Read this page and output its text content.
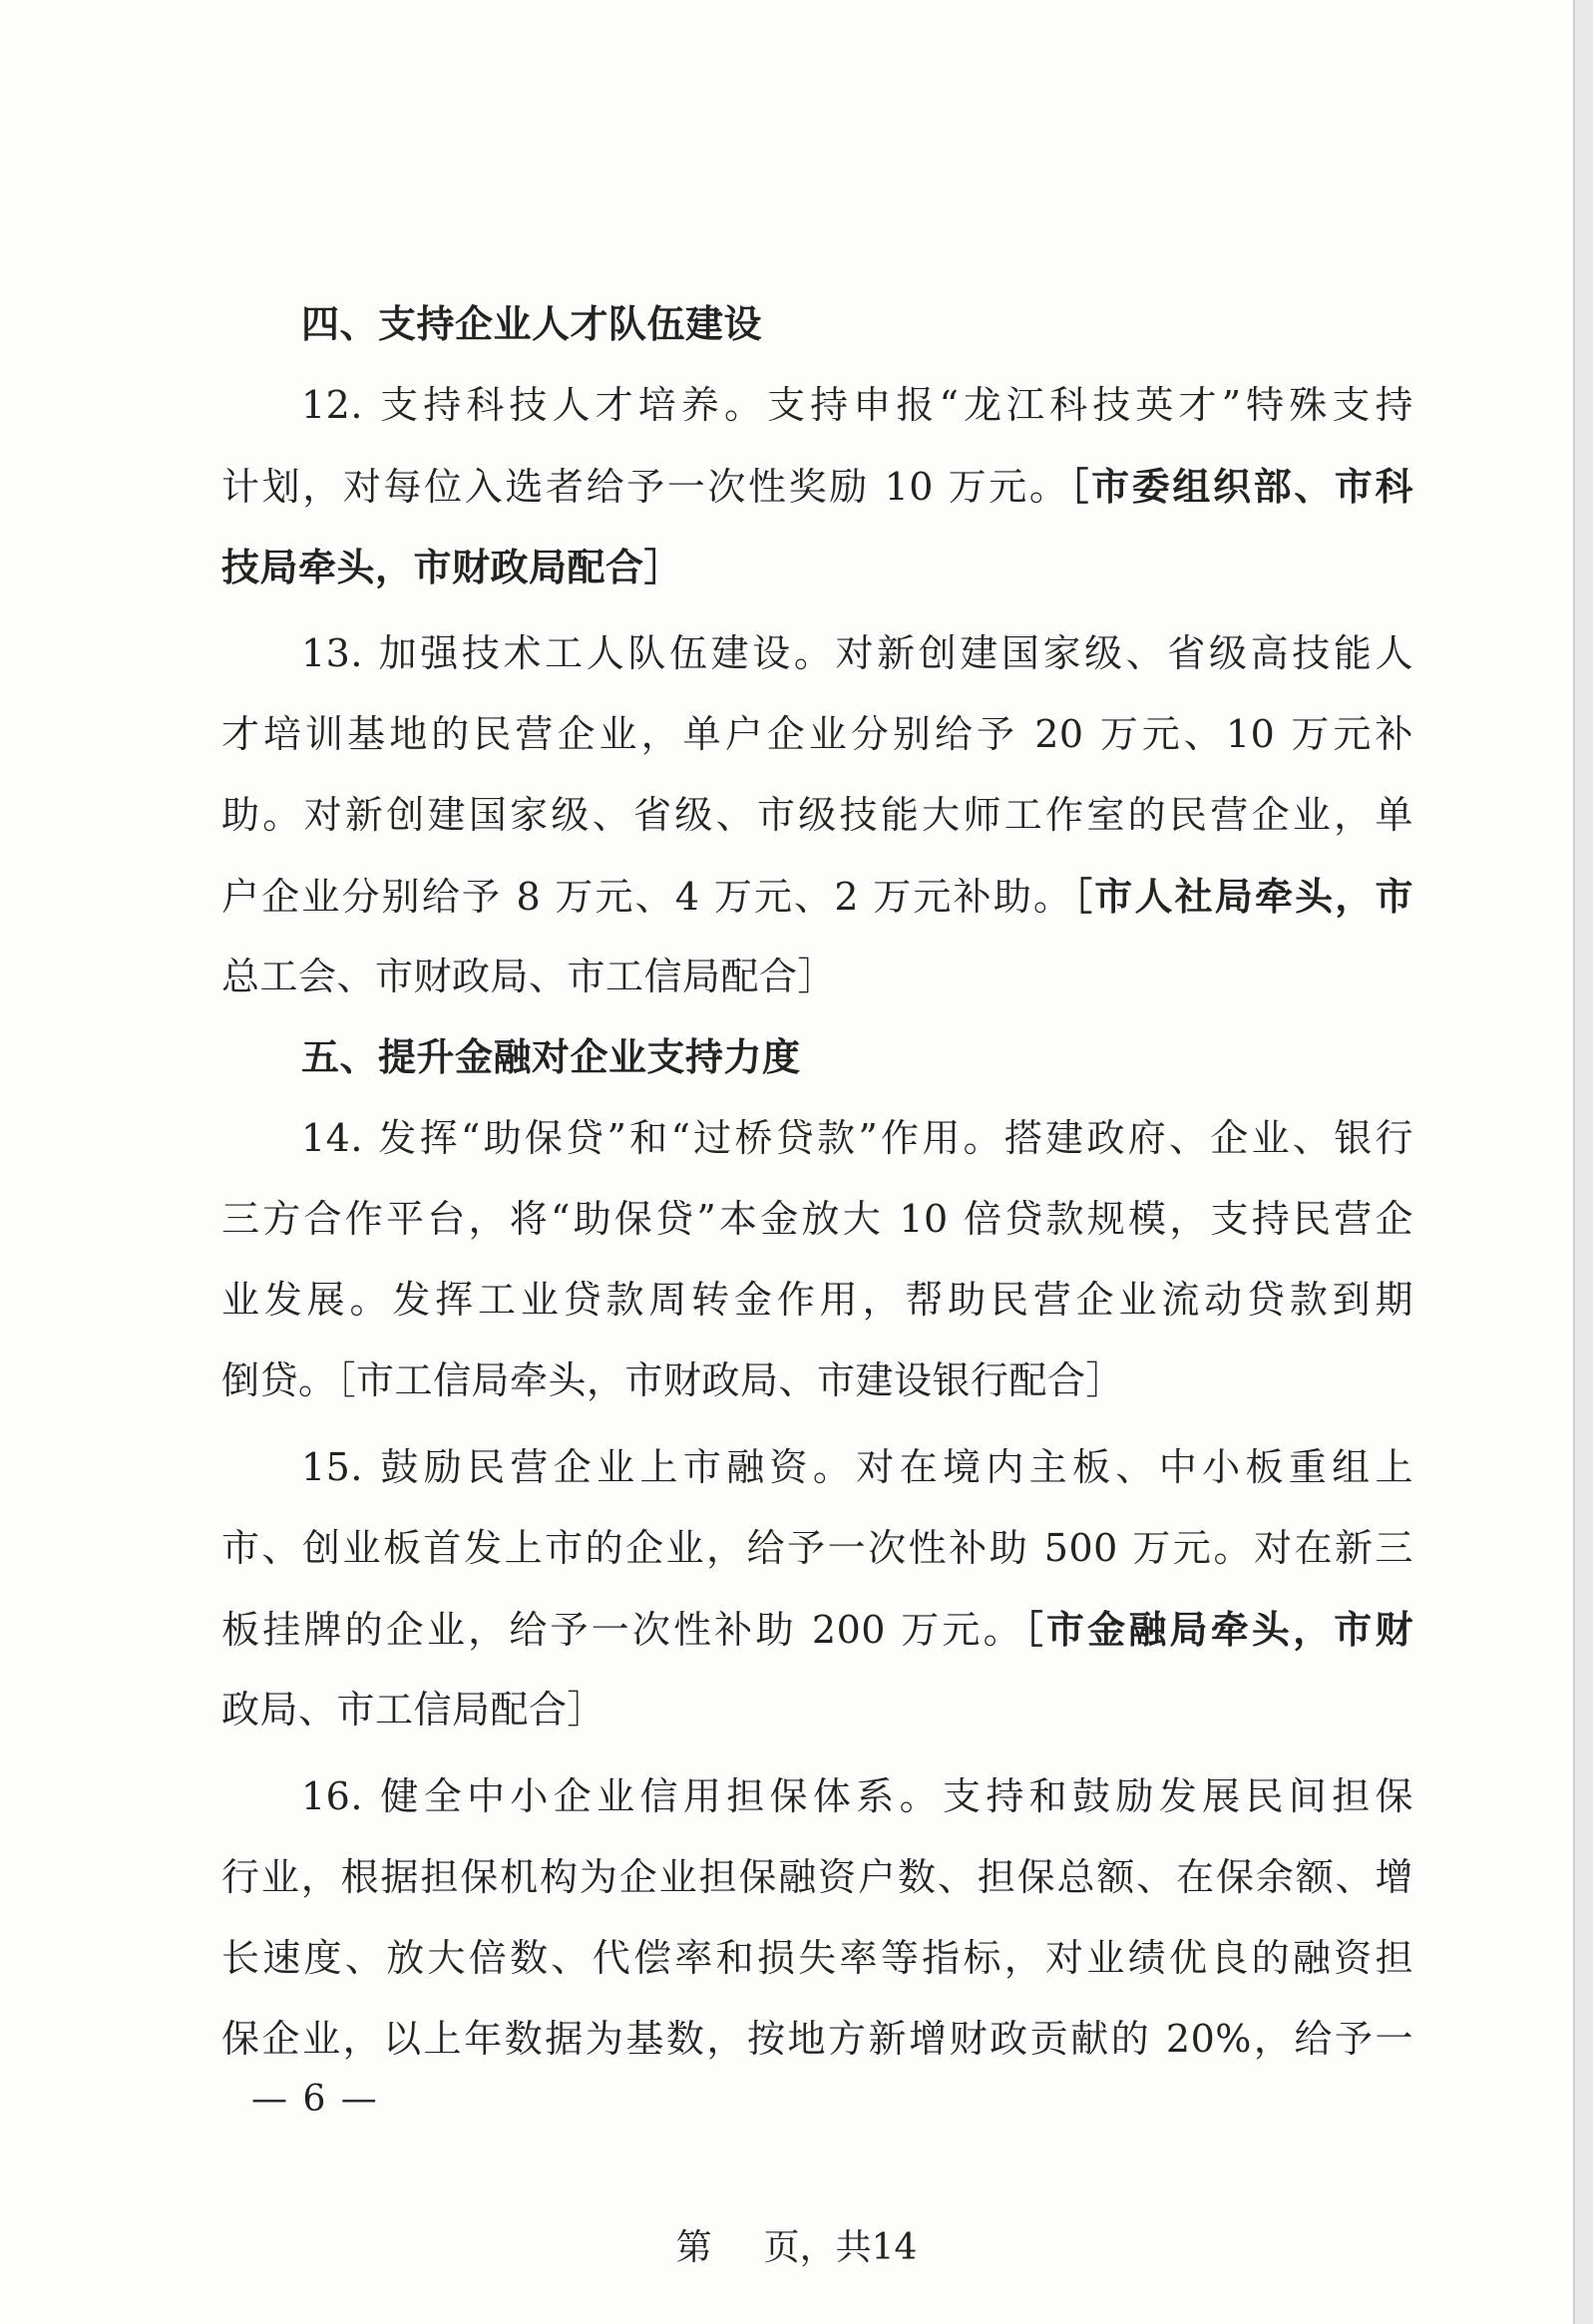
四、支持企业人才队伍建设
12. 支持科技人才培养。支持申报“龙江科技英才”特殊支持
计划，对每位入选者给予一次性奖励 10 万元。［市委组织部、市科
技局牵头，市财政局配合］
13. 加强技术工人队伍建设。对新创建国家级、省级高技能人
才培训基地的民营企业，单户企业分别给予 20 万元、10 万元补
助。对新创建国家级、省级、市级技能大师工作室的民营企业，单
户企业分别给予 8 万元、4 万元、2 万元补助。［市人社局牵头，市
总工会、市财政局、市工信局配合］
五、提升金融对企业支持力度
14. 发挥“助保贷”和“过桥贷款”作用。搭建政府、企业、银行
三方合作平台，将“助保贷”本金放大 10 倍贷款规模，支持民营企
业发展。发挥工业贷款周转金作用，帮助民营企业流动贷款到期
倒贷。［市工信局牵头，市财政局、市建设银行配合］
15. 鼓励民营企业上市融资。对在境内主板、中小板重组上
市、创业板首发上市的企业，给予一次性补助 500 万元。对在新三
板挂牌的企业，给予一次性补助 200 万元。［市金融局牵头，市财
政局、市工信局配合］
16. 健全中小企业信用担保体系。支持和鼓励发展民间担保
行业，根据担保机构为企业担保融资户数、担保总额、在保余额、增
长速度、放大倍数、代偿率和损失率等指标，对业绩优良的融资担
保企业，以上年数据为基数，按地方新增财政贡献的 20%，给予一
— 6 —
第 页，共14
